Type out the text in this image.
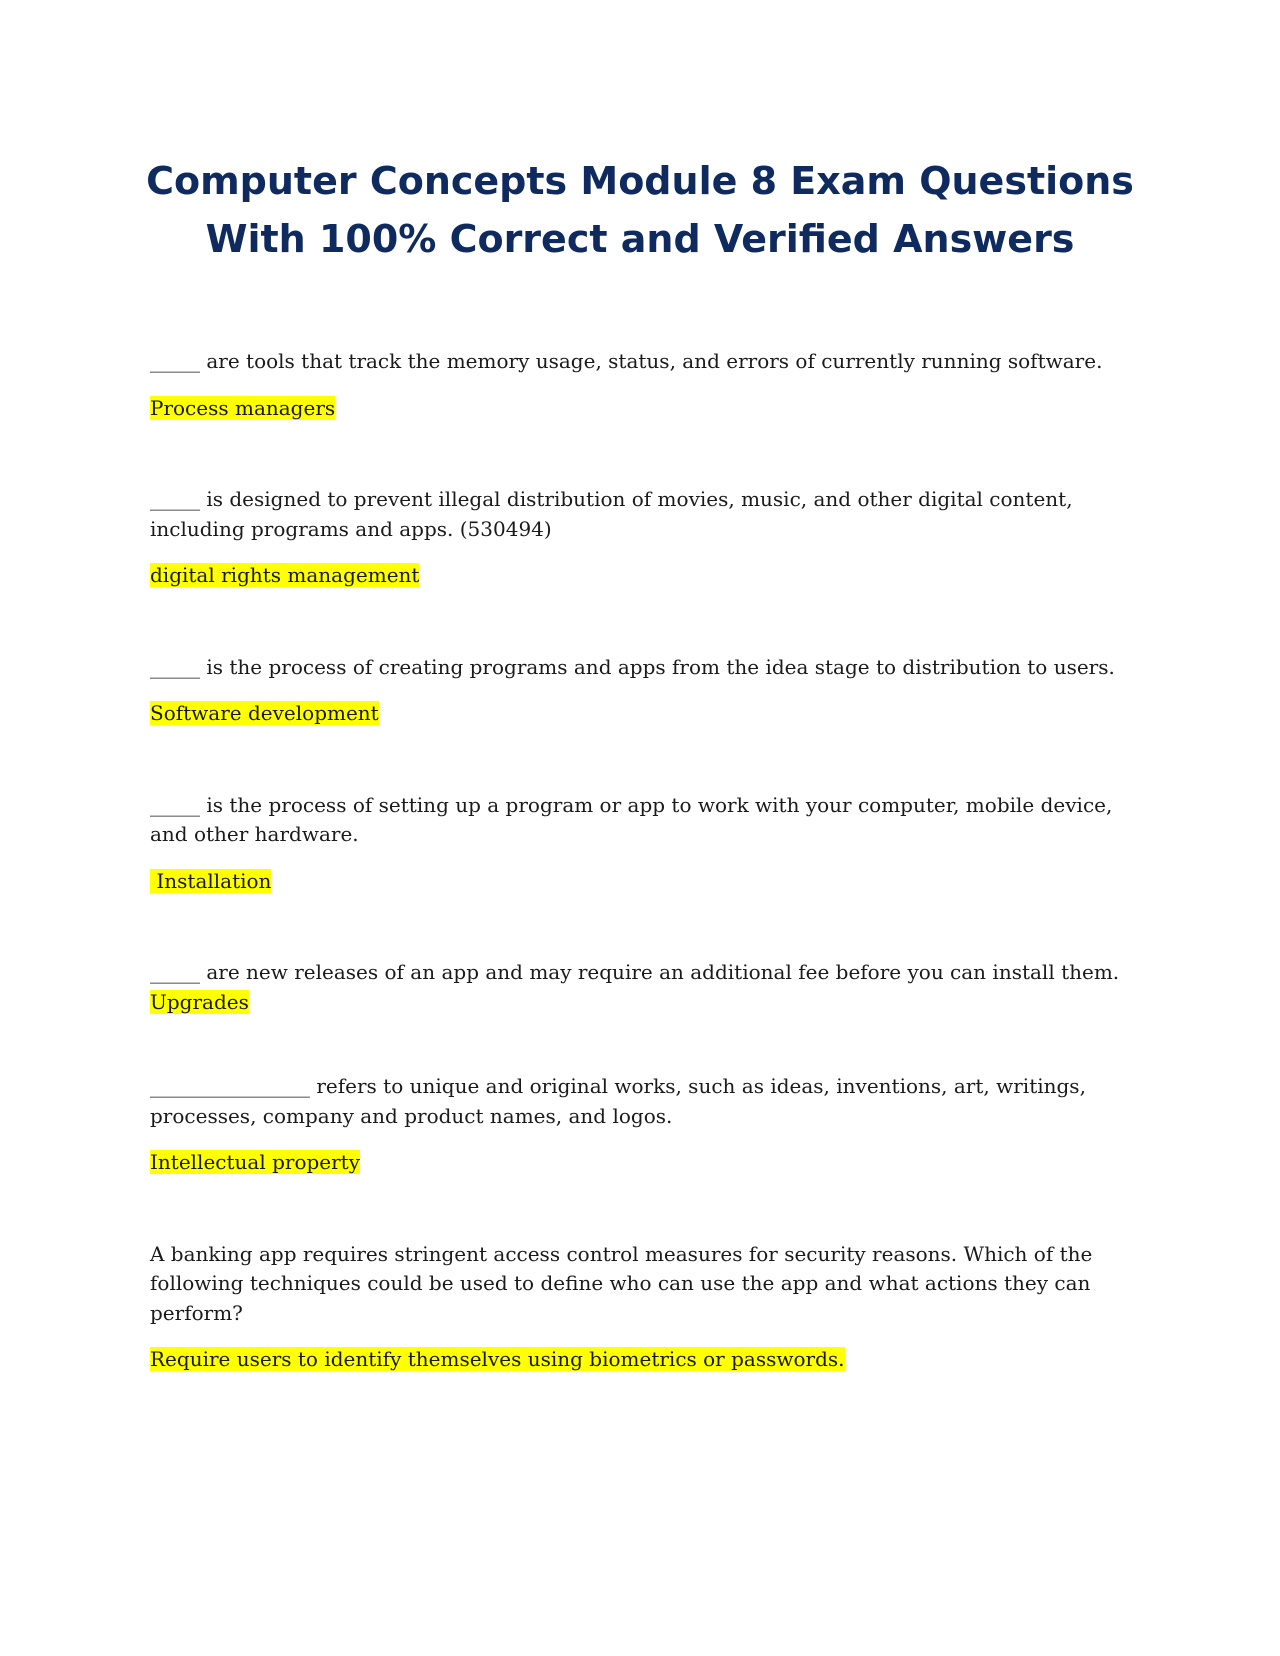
Computer Concepts Module 8 Exam Questions
With 100% Correct and Verified Answers

_____ are tools that track the memory usage, status, and errors of currently running software.

Process managers

_____ is designed to prevent illegal distribution of movies, music, and other digital content, including programs and apps. (530494)

digital rights management

_____ is the process of creating programs and apps from the idea stage to distribution to users.

Software development

_____ is the process of setting up a program or app to work with your computer, mobile device, and other hardware.

Installation

_____ are new releases of an app and may require an additional fee before you can install them.

Upgrades

________________ refers to unique and original works, such as ideas, inventions, art, writings, processes, company and product names, and logos.

Intellectual property

A banking app requires stringent access control measures for security reasons. Which of the following techniques could be used to define who can use the app and what actions they can perform?

Require users to identify themselves using biometrics or passwords.
